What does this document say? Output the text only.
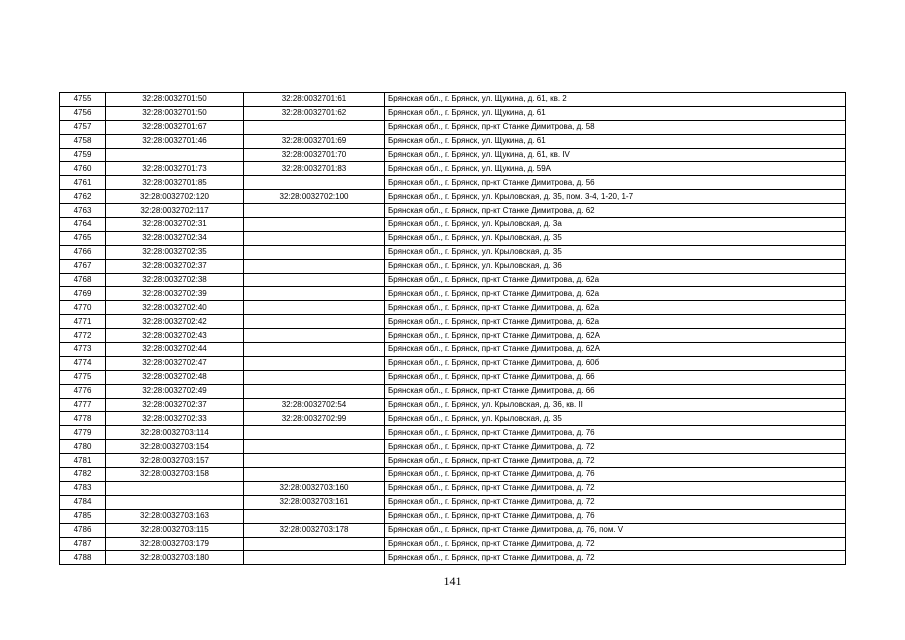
4755	32:28:0032701:50	32:28:0032701:61	Брянская обл., г. Брянск, ул. Щукина, д. 61, кв. 2
4756	32:28:0032701:50	32:28:0032701:62	Брянская обл., г. Брянск, ул. Щукина, д. 61
4757	32:28:0032701:67		Брянская обл., г. Брянск, пр-кт Станке Димитрова, д. 58
4758	32:28:0032701:46	32:28:0032701:69	Брянская обл., г. Брянск, ул. Щукина, д. 61
4759		32:28:0032701:70	Брянская обл., г. Брянск, ул. Щукина, д. 61, кв. IV
4760	32:28:0032701:73	32:28:0032701:83	Брянская обл., г. Брянск, ул. Щукина, д. 59А
4761	32:28:0032701:85		Брянская обл., г. Брянск, пр-кт Станке Димитрова, д. 56
4762	32:28:0032702:120	32:28:0032702:100	Брянская обл., г. Брянск, ул. Крыловская, д. 35, пом. 3-4, 1-20, 1-7
4763	32:28:0032702:117		Брянская обл., г. Брянск, пр-кт Станке Димитрова, д. 62
4764	32:28:0032702:31		Брянская обл., г. Брянск, ул. Крыловская, д. 3а
4765	32:28:0032702:34		Брянская обл., г. Брянск, ул. Крыловская, д. 35
4766	32:28:0032702:35		Брянская обл., г. Брянск, ул. Крыловская, д. 35
4767	32:28:0032702:37		Брянская обл., г. Брянск, ул. Крыловская, д. 36
4768	32:28:0032702:38		Брянская обл., г. Брянск, пр-кт Станке Димитрова, д. 62а
4769	32:28:0032702:39		Брянская обл., г. Брянск, пр-кт Станке Димитрова, д. 62а
4770	32:28:0032702:40		Брянская обл., г. Брянск, пр-кт Станке Димитрова, д. 62а
4771	32:28:0032702:42		Брянская обл., г. Брянск, пр-кт Станке Димитрова, д. 62а
4772	32:28:0032702:43		Брянская обл., г. Брянск, пр-кт Станке Димитрова, д. 62А
4773	32:28:0032702:44		Брянская обл., г. Брянск, пр-кт Станке Димитрова, д. 62А
4774	32:28:0032702:47		Брянская обл., г. Брянск, пр-кт Станке Димитрова, д. 60б
4775	32:28:0032702:48		Брянская обл., г. Брянск, пр-кт Станке Димитрова, д. 66
4776	32:28:0032702:49		Брянская обл., г. Брянск, пр-кт Станке Димитрова, д. 66
4777	32:28:0032702:37	32:28:0032702:54	Брянская обл., г. Брянск, ул. Крыловская, д. 36, кв. II
4778	32:28:0032702:33	32:28:0032702:99	Брянская обл., г. Брянск, ул. Крыловская, д. 35
4779	32:28:0032703:114		Брянская обл., г. Брянск, пр-кт Станке Димитрова, д. 76
4780	32:28:0032703:154		Брянская обл., г. Брянск, пр-кт Станке Димитрова, д. 72
4781	32:28:0032703:157		Брянская обл., г. Брянск, пр-кт Станке Димитрова, д. 72
4782	32:28:0032703:158		Брянская обл., г. Брянск, пр-кт Станке Димитрова, д. 76
4783		32:28:0032703:160	Брянская обл., г. Брянск, пр-кт Станке Димитрова, д. 72
4784		32:28:0032703:161	Брянская обл., г. Брянск, пр-кт Станке Димитрова, д. 72
4785	32:28:0032703:163		Брянская обл., г. Брянск, пр-кт Станке Димитрова, д. 76
4786	32:28:0032703:115	32:28:0032703:178	Брянская обл., г. Брянск, пр-кт Станке Димитрова, д. 76, пом. V
4787	32:28:0032703:179		Брянская обл., г. Брянск, пр-кт Станке Димитрова, д. 72
4788	32:28:0032703:180		Брянская обл., г. Брянск, пр-кт Станке Димитрова, д. 72
141
